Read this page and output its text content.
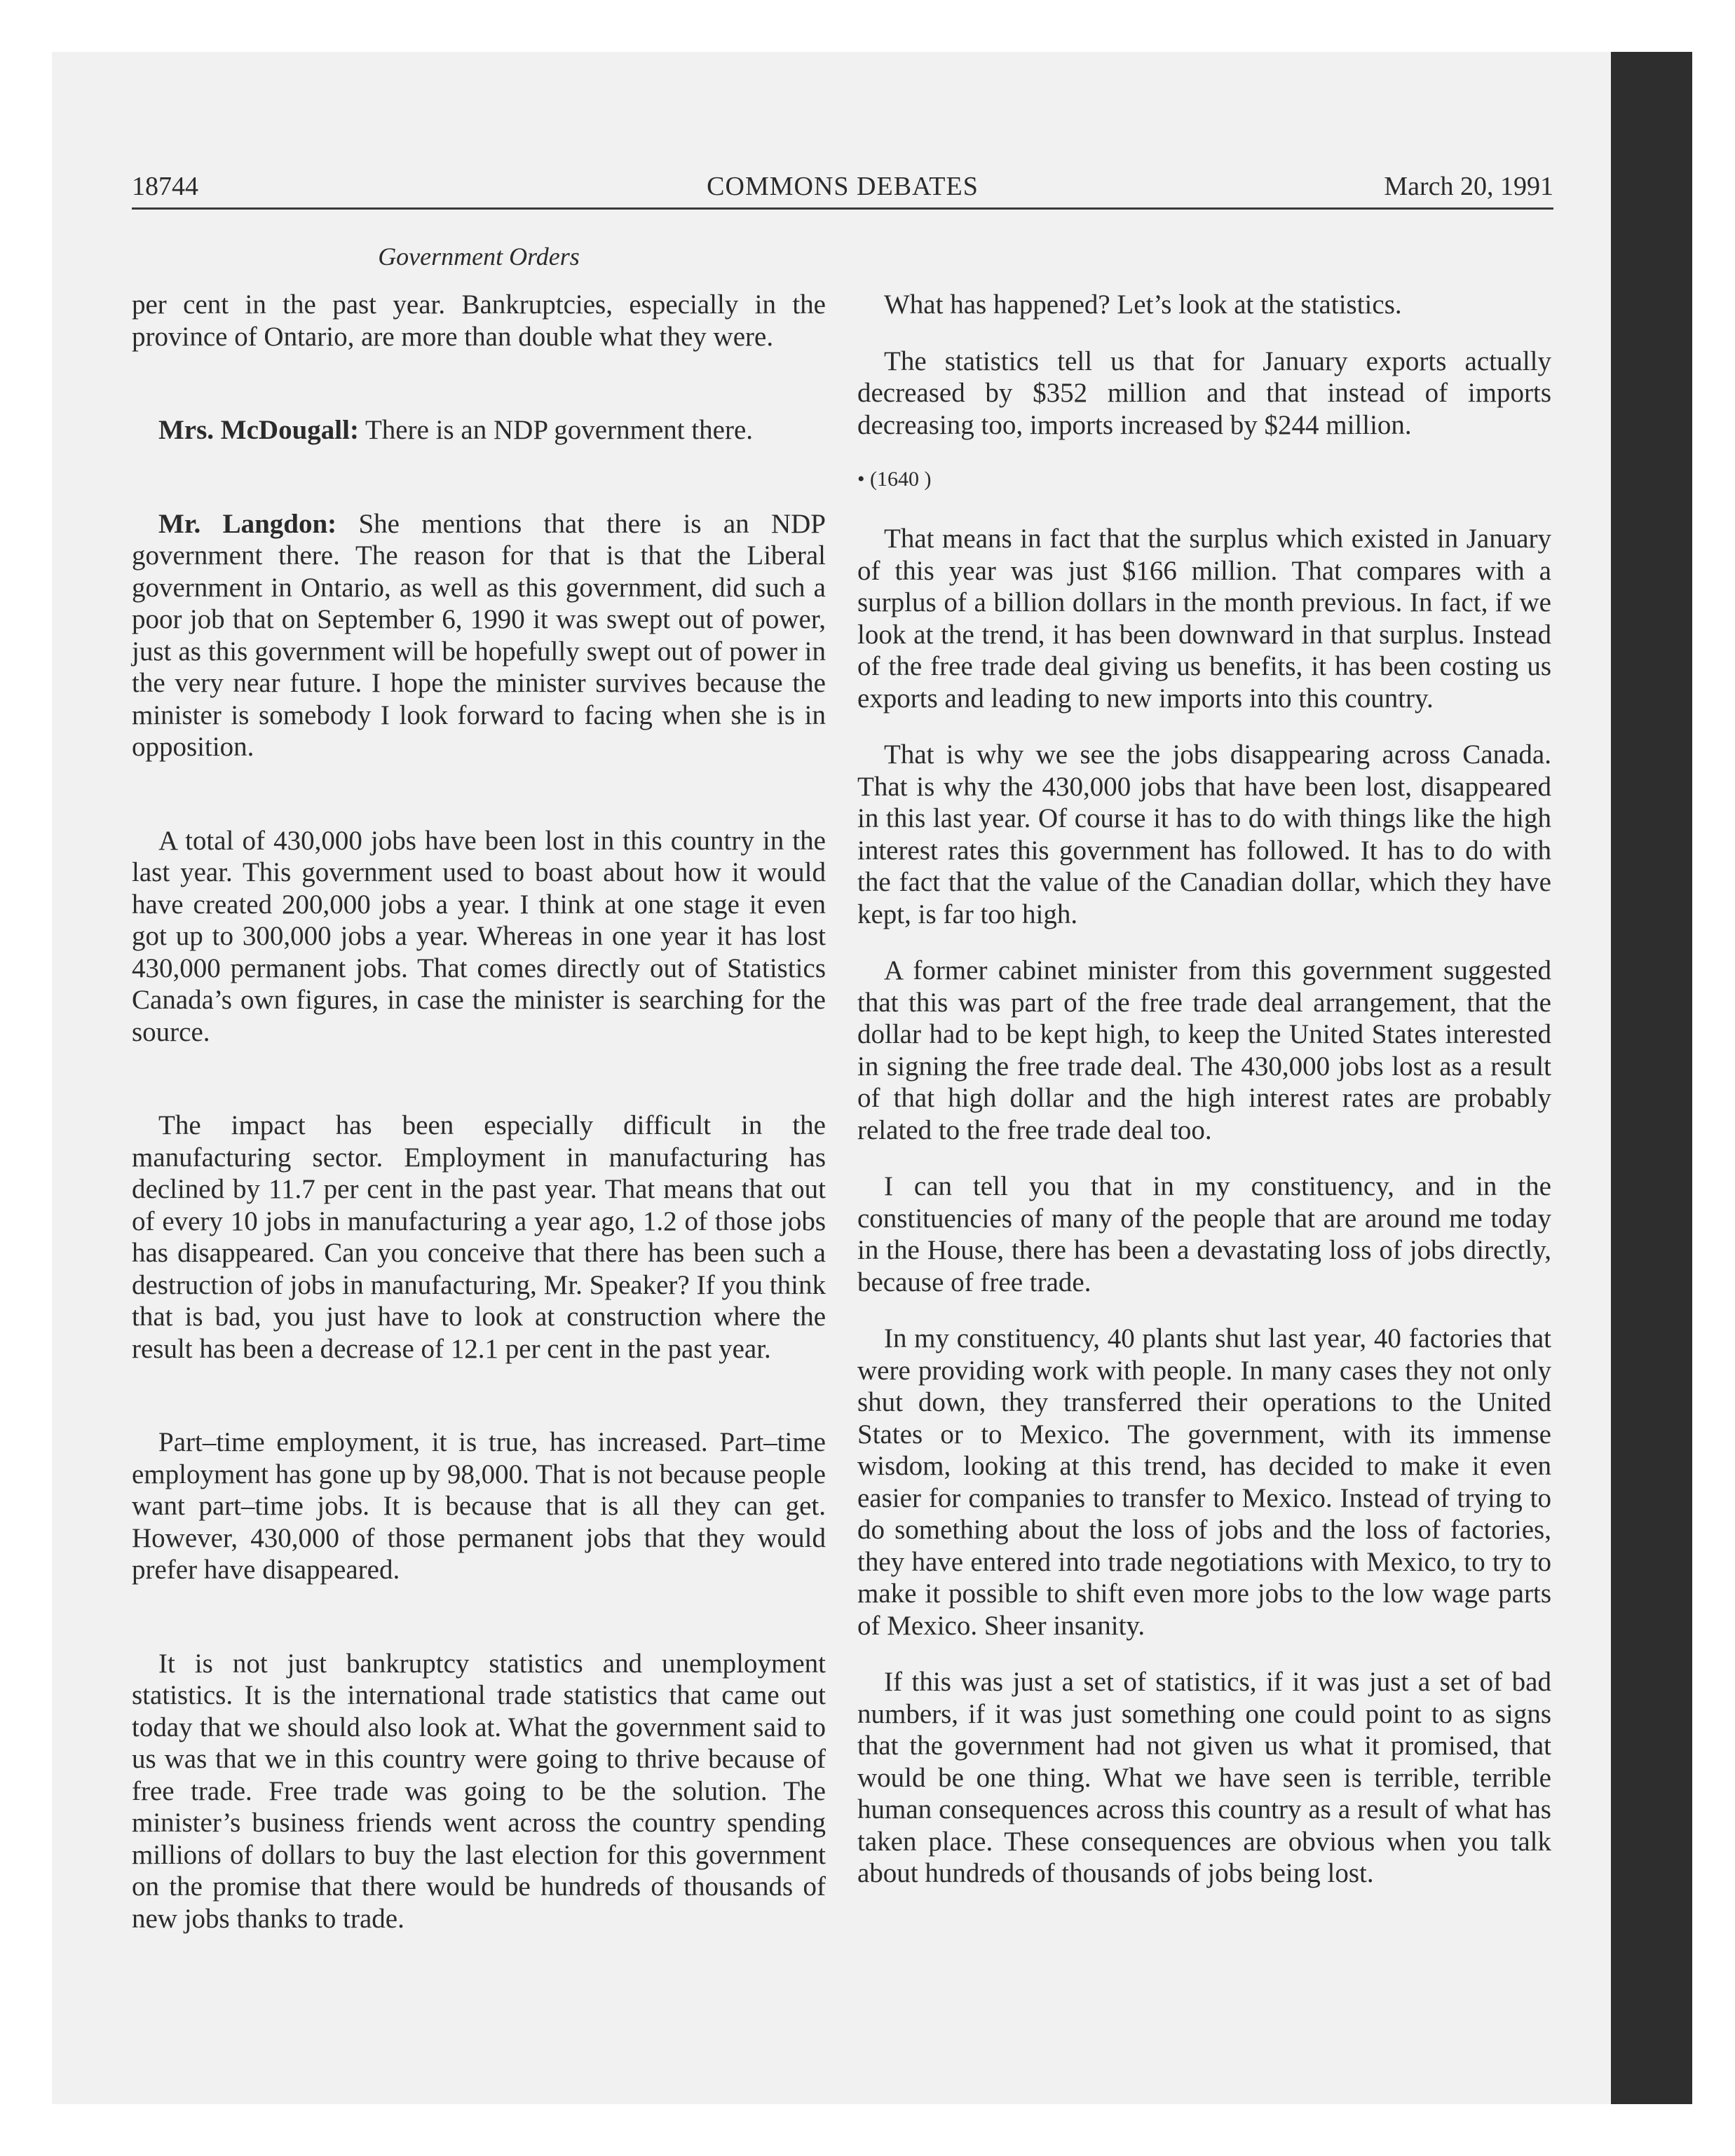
18744	COMMONS DEBATES	March 20, 1991
Government Orders

per cent in the past year. Bankruptcies, especially in the province of Ontario, are more than double what they were.

Mrs. McDougall: There is an NDP government there.

Mr. Langdon: She mentions that there is an NDP government there. The reason for that is that the Liberal government in Ontario, as well as this government, did such a poor job that on September 6, 1990 it was swept out of power, just as this government will be hopefully swept out of power in the very near future. I hope the minister survives because the minister is somebody I look forward to facing when she is in opposition.

A total of 430,000 jobs have been lost in this country in the last year. This government used to boast about how it would have created 200,000 jobs a year. I think at one stage it even got up to 300,000 jobs a year. Whereas in one year it has lost 430,000 permanent jobs. That comes directly out of Statistics Canada’s own figures, in case the minister is searching for the source.

The impact has been especially difficult in the manufacturing sector. Employment in manufacturing has declined by 11.7 per cent in the past year. That means that out of every 10 jobs in manufacturing a year ago, 1.2 of those jobs has disappeared. Can you conceive that there has been such a destruction of jobs in manufacturing, Mr. Speaker? If you think that is bad, you just have to look at construction where the result has been a decrease of 12.1 per cent in the past year.

Part–time employment, it is true, has increased. Part–time employment has gone up by 98,000. That is not because people want part–time jobs. It is because that is all they can get. However, 430,000 of those permanent jobs that they would prefer have disappeared.

It is not just bankruptcy statistics and unemployment statistics. It is the international trade statistics that came out today that we should also look at. What the government said to us was that we in this country were going to thrive because of free trade. Free trade was going to be the solution. The minister’s business friends went across the country spending millions of dollars to buy the last election for this government on the promise that there would be hundreds of thousands of new jobs thanks to trade.

What has happened? Let’s look at the statistics.

The statistics tell us that for January exports actually decreased by $352 million and that instead of imports decreasing too, imports increased by $244 million.

• (1640 )

That means in fact that the surplus which existed in January of this year was just $166 million. That compares with a surplus of a billion dollars in the month previous. In fact, if we look at the trend, it has been downward in that surplus. Instead of the free trade deal giving us benefits, it has been costing us exports and leading to new imports into this country.

That is why we see the jobs disappearing across Canada. That is why the 430,000 jobs that have been lost, disappeared in this last year. Of course it has to do with things like the high interest rates this government has followed. It has to do with the fact that the value of the Canadian dollar, which they have kept, is far too high.

A former cabinet minister from this government suggested that this was part of the free trade deal arrangement, that the dollar had to be kept high, to keep the United States interested in signing the free trade deal. The 430,000 jobs lost as a result of that high dollar and the high interest rates are probably related to the free trade deal too.

I can tell you that in my constituency, and in the constituencies of many of the people that are around me today in the House, there has been a devastating loss of jobs directly, because of free trade.

In my constituency, 40 plants shut last year, 40 factories that were providing work with people. In many cases they not only shut down, they transferred their operations to the United States or to Mexico. The government, with its immense wisdom, looking at this trend, has decided to make it even easier for companies to transfer to Mexico. Instead of trying to do something about the loss of jobs and the loss of factories, they have entered into trade negotiations with Mexico, to try to make it possible to shift even more jobs to the low wage parts of Mexico. Sheer insanity.

If this was just a set of statistics, if it was just a set of bad numbers, if it was just something one could point to as signs that the government had not given us what it promised, that would be one thing. What we have seen is terrible, terrible human consequences across this country as a result of what has taken place. These consequences are obvious when you talk about hundreds of thousands of jobs being lost.
